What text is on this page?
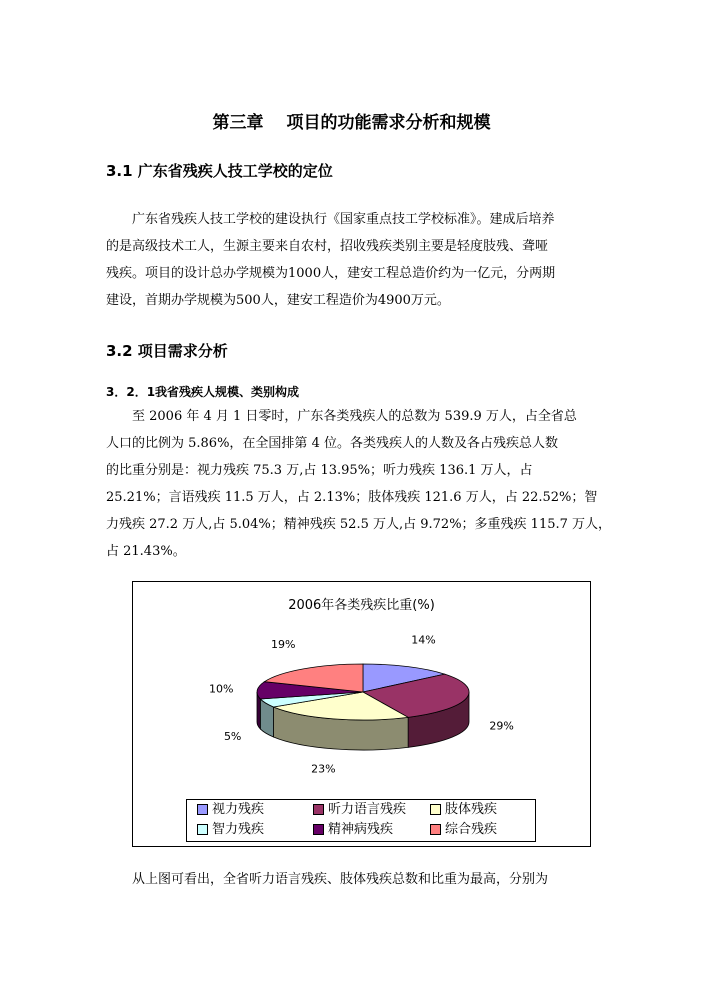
第三章　 项目的功能需求分析和规模
3.1 广东省残疾人技工学校的定位
广东省残疾人技工学校的建设执行《国家重点技工学校标准》。建成后培养
的是高级技术工人，生源主要来自农村，招收残疾类别主要是轻度肢残、聋哑
残疾。项目的设计总办学规模为1000人，建安工程总造价约为一亿元，分两期
建设，首期办学规模为500人，建安工程造价为4900万元。
3.2 项目需求分析
3．2．1我省残疾人规模、类别构成
至 2006 年 4 月 1 日零时，广东各类残疾人的总数为 539.9 万人，占全省总
人口的比例为 5.86%，在全国排第 4 位。各类残疾人的人数及各占残疾总人数
的比重分别是：视力残疾 75.3 万,占 13.95%；听力残疾 136.1 万人，占
25.21%；言语残疾 11.5 万人，占 2.13%；肢体残疾 121.6 万人，占 22.52%；智
力残疾 27.2 万人,占 5.04%；精神残疾 52.5 万人,占 9.72%；多重残疾 115.7 万人，
占 21.43%。
2006年各类残疾比重(%)
14%
29%
23%
5%
10%
19%
视力残疾	听力语言残疾	肢体残疾
智力残疾	精神病残疾	综合残疾
从上图可看出，全省听力语言残疾、肢体残疾总数和比重为最高，分别为
